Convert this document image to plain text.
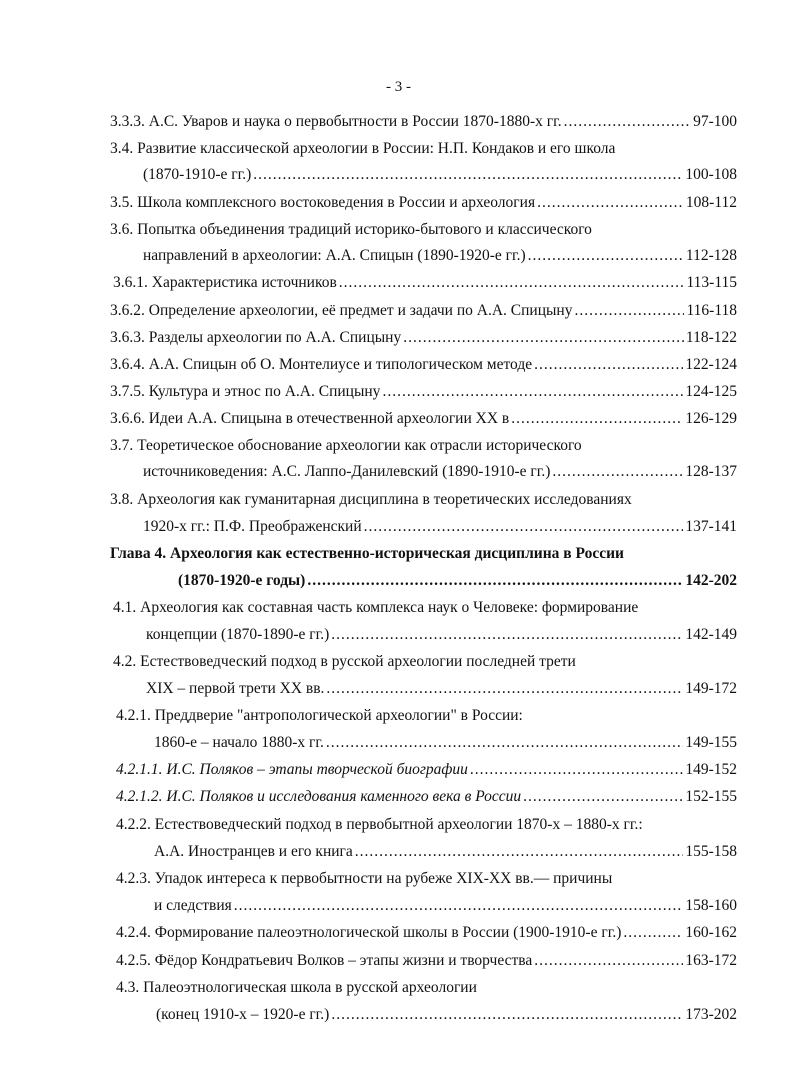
- 3 -
3.3.3. А.С. Уваров и наука о первобытности в России 1870-1880-х гг. .....	97-100
3.4. Развитие классической археологии в России: Н.П. Кондаков и его школа
(1870-1910-е гг.) .....	100-108
3.5. Школа комплексного востоковедения в России и археология .....	108-112
3.6. Попытка объединения традиций историко-бытового и классического
направлений в археологии: А.А. Спицын (1890-1920-е гг.) .....	112-128
3.6.1. Характеристика источников .....	113-115
3.6.2. Определение археологии, её предмет и задачи по А.А. Спицыну .....	116-118
3.6.3. Разделы археологии по А.А. Спицыну .....	118-122
3.6.4. А.А. Спицын об О. Монтелиусе и типологическом методе .....	122-124
3.7.5. Культура и этнос по А.А. Спицыну .....	124-125
3.6.6. Идеи А.А. Спицына в отечественной археологии XX в .....	126-129
3.7. Теоретическое обоснование археологии как отрасли исторического
источниковедения: А.С. Лаппо-Данилевский (1890-1910-е гг.) .....	128-137
3.8. Археология как гуманитарная дисциплина в теоретических исследованиях
1920-х гг.: П.Ф. Преображенский .....	137-141
Глава 4. Археология как естественно-историческая дисциплина в России
(1870-1920-е годы) .....	142-202
4.1. Археология как составная часть комплекса наук о Человеке: формирование
концепции (1870-1890-е гг.) .....	142-149
4.2. Естествоведческий подход в русской археологии последней трети
XIX – первой трети XX вв. .....	149-172
4.2.1. Преддверие "антропологической археологии" в России:
1860-е – начало 1880-х гг. .....	149-155
4.2.1.1. И.С. Поляков – этапы творческой биографии .....	149-152
4.2.1.2. И.С. Поляков и исследования каменного века в России .....	152-155
4.2.2. Естествоведческий подход в первобытной археологии 1870-х – 1880-х гг.:
А.А. Иностранцев и его книга .....	155-158
4.2.3. Упадок интереса к первобытности на рубеже XIX-XX вв.— причины
и следствия .....	158-160
4.2.4. Формирование палеоэтнологической школы в России (1900-1910-е гг.) .....	160-162
4.2.5. Фёдор Кондратьевич Волков – этапы жизни и творчества .....	163-172
4.3. Палеоэтнологическая школа в русской археологии
(конец 1910-х – 1920-е гг.) .....	173-202
